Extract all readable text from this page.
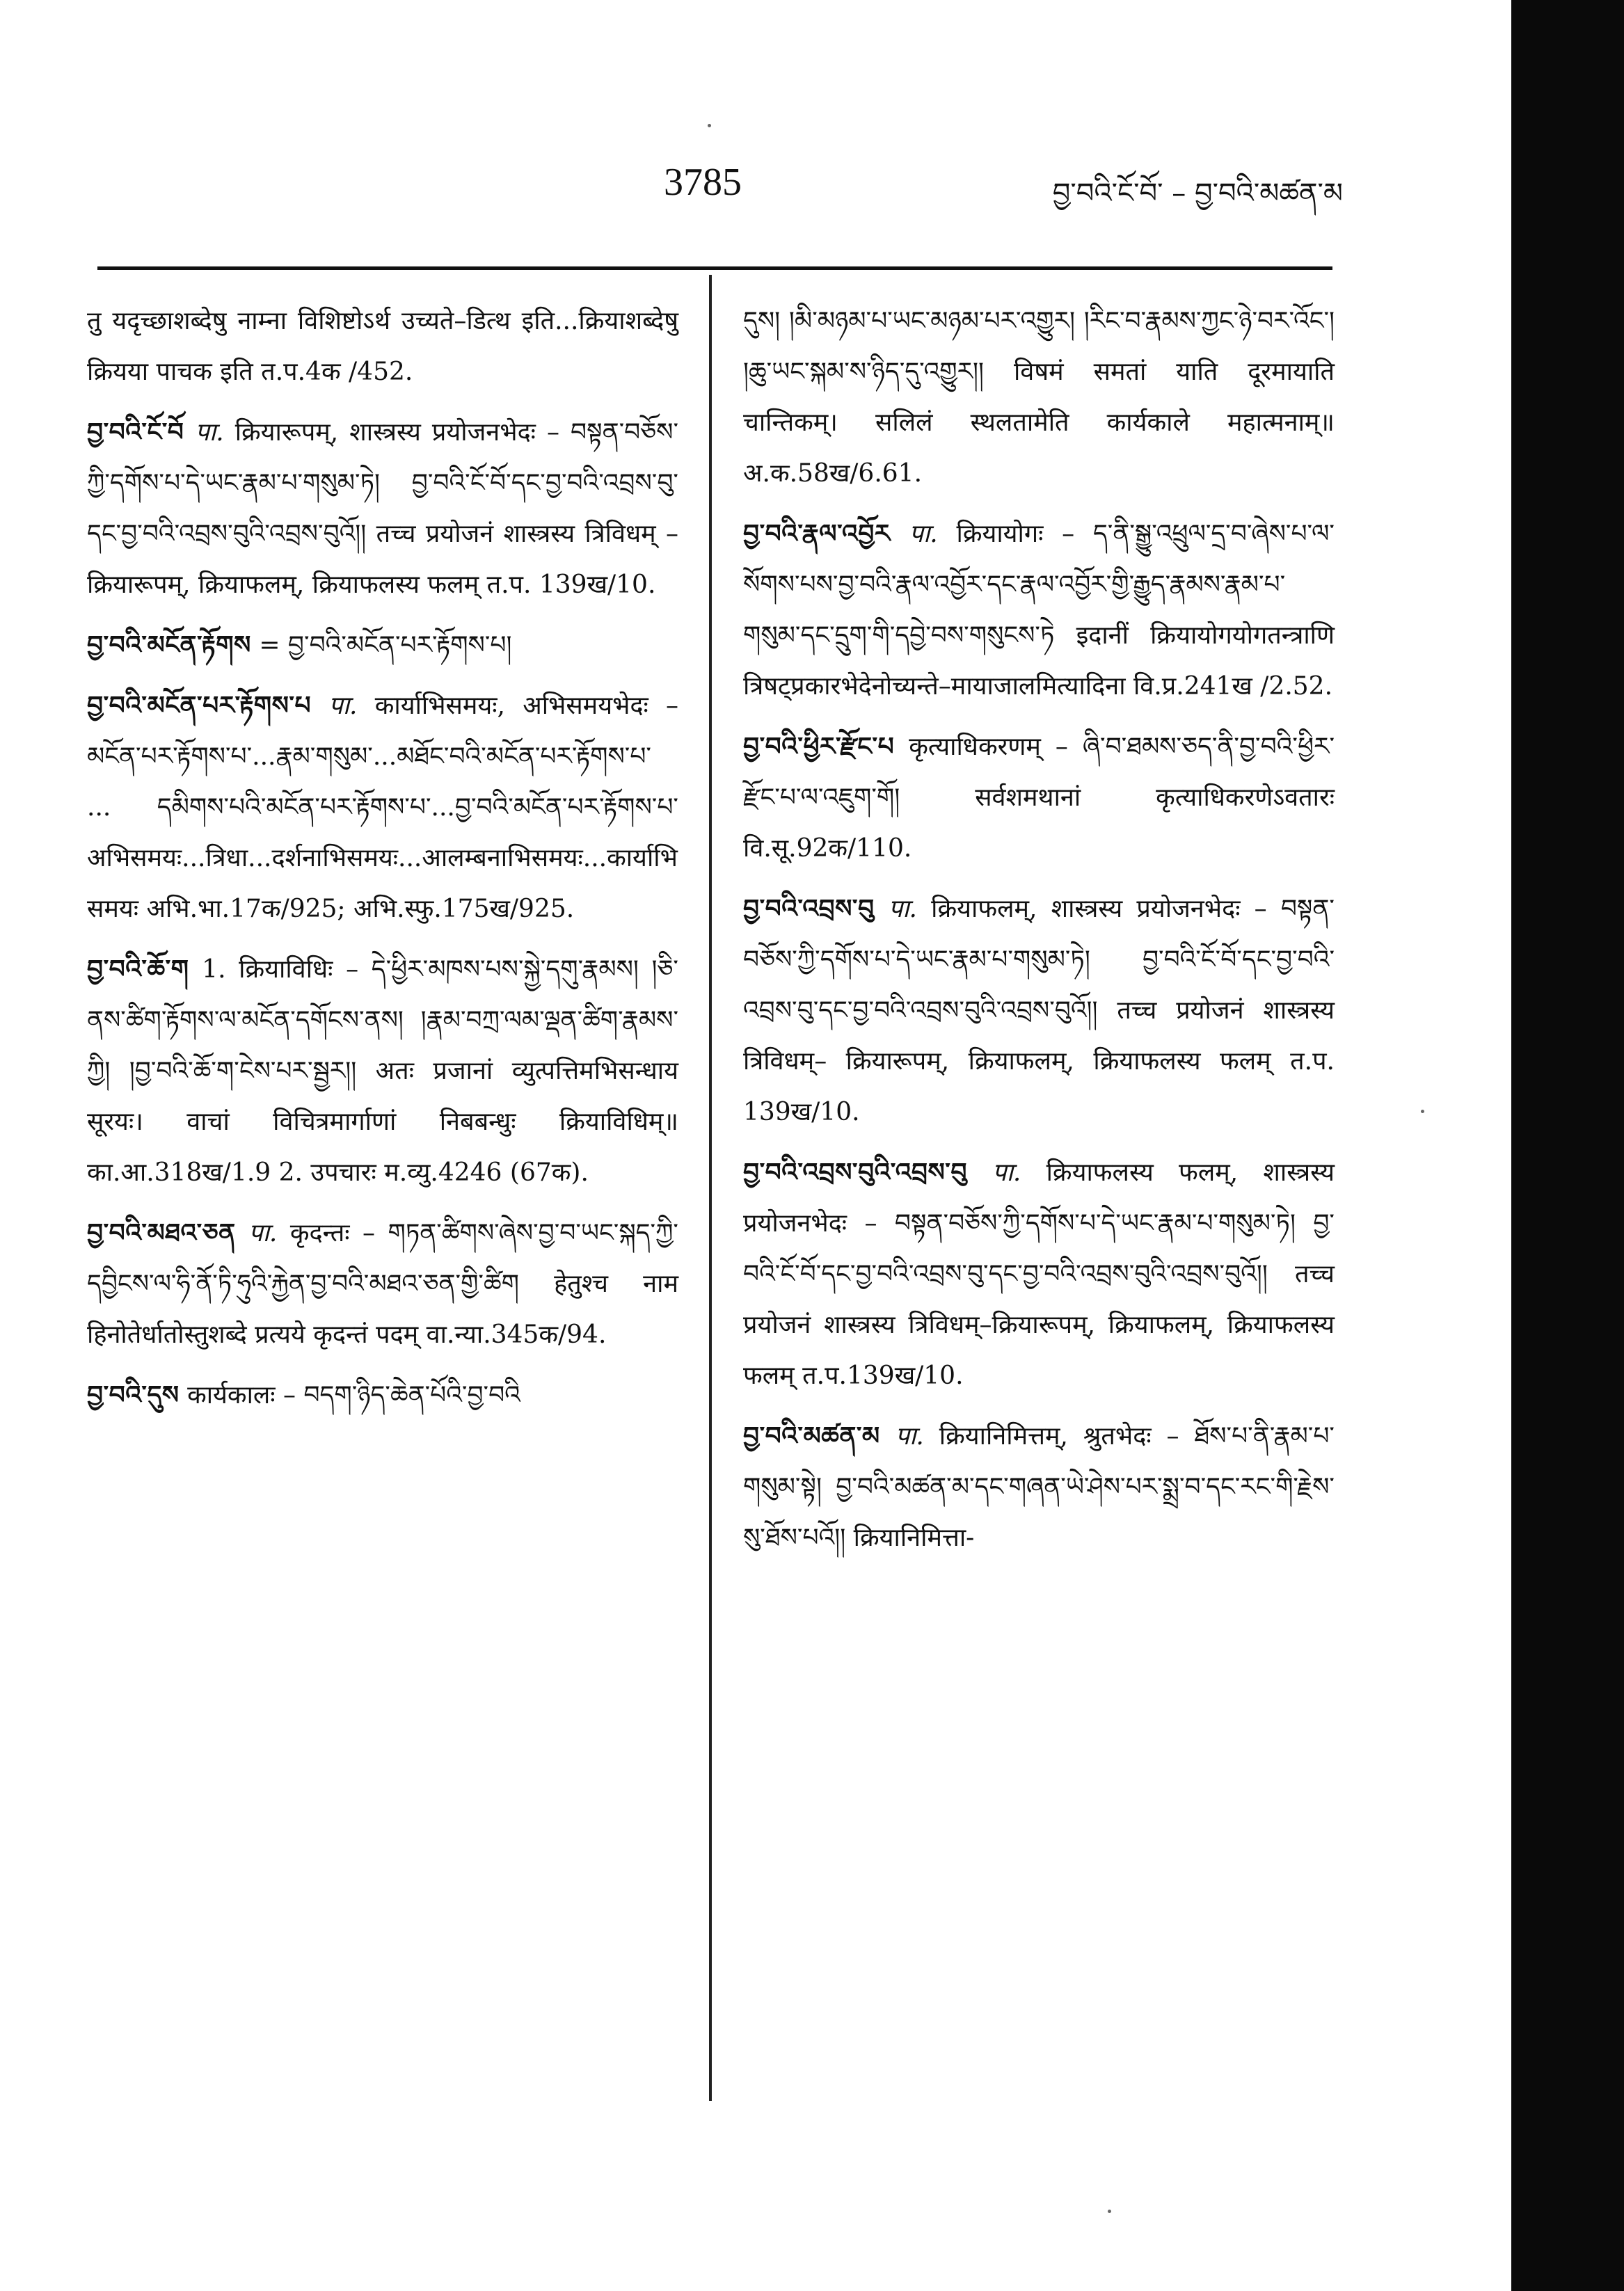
3785	བྱ་བའི་ངོ་བོ་ – བྱ་བའི་མཚན་མ
तु यदृच्छाशब्देषु नाम्ना विशिष्टोऽर्थ उच्यते–डित्थ इति...क्रियाशब्देषु क्रियया पाचक इति त.प.4क /452.
བྱ་བའི་ངོ་བོ पा. क्रियारूपम्, शास्त्रस्य प्रयोजनभेदः – བསྟན་བཅོས་ཀྱི་དགོས་པ་དེ་ཡང་རྣམ་པ་གསུམ་ཏེ། བྱ་བའི་ངོ་བོ་དང་བྱ་བའི་འབྲས་བུ་དང་བྱ་བའི་འབྲས་བུའི་འབྲས་བུའོ།། तच्च प्रयोजनं शास्त्रस्य त्रिविधम् – क्रियारूपम्, क्रियाफलम्, क्रियाफलस्य फलम् त.प. 139ख/10.
བྱ་བའི་མངོན་རྟོགས = བྱ་བའི་མངོན་པར་རྟོགས་པ།
བྱ་བའི་མངོན་པར་རྟོགས་པ पा. कार्याभिसमयः, अभिसमयभेदः – མངོན་པར་རྟོགས་པ་...རྣམ་གསུམ་...མཐོང་བའི་མངོན་པར་རྟོགས་པ་ ... དམིགས་པའི་མངོན་པར་རྟོགས་པ་...བྱ་བའི་མངོན་པར་རྟོགས་པ་ अभिसमयः...त्रिधा...दर्शनाभिसमयः...आलम्बनाभिसमयः...कार्याभिसमयः अभि.भा.17क/925; अभि.स्फु.175ख/925.
བྱ་བའི་ཆོ་ག 1. क्रियाविधिः – དེ་ཕྱིར་མཁས་པས་སྐྱེ་དགུ་རྣམས། །ཅི་ནས་ཚིག་རྟོགས་ལ་མངོན་དགོངས་ནས། །རྣམ་བཀྲ་ལམ་ལྡན་ཚིག་རྣམས་ཀྱི། །བྱ་བའི་ཆོ་ག་ངེས་པར་སྦྱར།། अतः प्रजानां व्युत्पत्तिमभिसन्धाय सूरयः। वाचां विचित्रमार्गाणां निबबन्धुः क्रियाविधिम्॥ का.आ.318ख/1.9 2. उपचारः म.व्यु.4246 (67क).
བྱ་བའི་མཐའ་ཅན पा. कृदन्तः – གཏན་ཚིགས་ཞེས་བྱ་བ་ཡང་སྐད་ཀྱི་དབྱིངས་ལ་ཧི་ནོ་ཏི་ཧུའི་རྐྱེན་བྱ་བའི་མཐའ་ཅན་གྱི་ཚིག हेतुश्च नाम हिनोतेर्धातोस्तुशब्दे प्रत्यये कृदन्तं पदम् वा.न्या.345क/94.
བྱ་བའི་དུས कार्यकालः – བདག་ཉིད་ཆེན་པོའི་བྱ་བའི
དུས། །མི་མཉམ་པ་ཡང་མཉམ་པར་འགྱུར། །རིང་བ་རྣམས་ཀྱང་ཉེ་བར་འོང་། །ཆུ་ཡང་སྐམ་ས་ཉིད་དུ་འགྱུར།། विषमं समतां याति दूरमायाति चान्तिकम्। सलिलं स्थलतामेति कार्यकाले महात्मनाम्॥ अ.क.58ख/6.61.
བྱ་བའི་རྣལ་འབྱོར पा. क्रियायोगः – ད་ནི་སྒྱུ་འཕྲུལ་དྲ་བ་ཞེས་པ་ལ་སོགས་པས་བྱ་བའི་རྣལ་འབྱོར་དང་རྣལ་འབྱོར་གྱི་རྒྱུད་རྣམས་རྣམ་པ་གསུམ་དང་དྲུག་གི་དབྱེ་བས་གསུངས་ཏེ इदानीं क्रियायोगयोगतन्त्राणि त्रिषट्प्रकारभेदेनोच्यन्ते–मायाजालमित्यादिना वि.प्र.241ख /2.52.
བྱ་བའི་ཕྱིར་རྫོང་པ कृत्याधिकरणम् – ཞི་བ་ཐམས་ཅད་ནི་བྱ་བའི་ཕྱིར་རྫོང་པ་ལ་འཇུག་གོ། सर्वशमथानां कृत्याधिकरणेऽवतारः वि.सू.92क/110.
བྱ་བའི་འབྲས་བུ पा. क्रियाफलम्, शास्त्रस्य प्रयोजनभेदः – བསྟན་བཅོས་ཀྱི་དགོས་པ་དེ་ཡང་རྣམ་པ་གསུམ་ཏེ། བྱ་བའི་ངོ་བོ་དང་བྱ་བའི་འབྲས་བུ་དང་བྱ་བའི་འབྲས་བུའི་འབྲས་བུའོ།། तच्च प्रयोजनं शास्त्रस्य त्रिविधम्– क्रियारूपम्, क्रियाफलम्, क्रियाफलस्य फलम् त.प. 139ख/10.
བྱ་བའི་འབྲས་བུའི་འབྲས་བུ पा. क्रियाफलस्य फलम्, शास्त्रस्य प्रयोजनभेदः – བསྟན་བཅོས་ཀྱི་དགོས་པ་དེ་ཡང་རྣམ་པ་གསུམ་ཏེ། བྱ་བའི་ངོ་བོ་དང་བྱ་བའི་འབྲས་བུ་དང་བྱ་བའི་འབྲས་བུའི་འབྲས་བུའོ།། तच्च प्रयोजनं शास्त्रस्य त्रिविधम्–क्रियारूपम्, क्रियाफलम्, क्रियाफलस्य फलम् त.प.139ख/10.
བྱ་བའི་མཚན་མ पा. क्रियानिमित्तम्, श्रुतभेदः – ཐོས་པ་ནི་རྣམ་པ་གསུམ་སྟེ། བྱ་བའི་མཚན་མ་དང་གཞན་ཡེ་ཤེས་པར་སྨྲ་བ་དང་རང་གི་རྗེས་སུ་ཐོས་པའོ།། क्रियानिमित्ता-
